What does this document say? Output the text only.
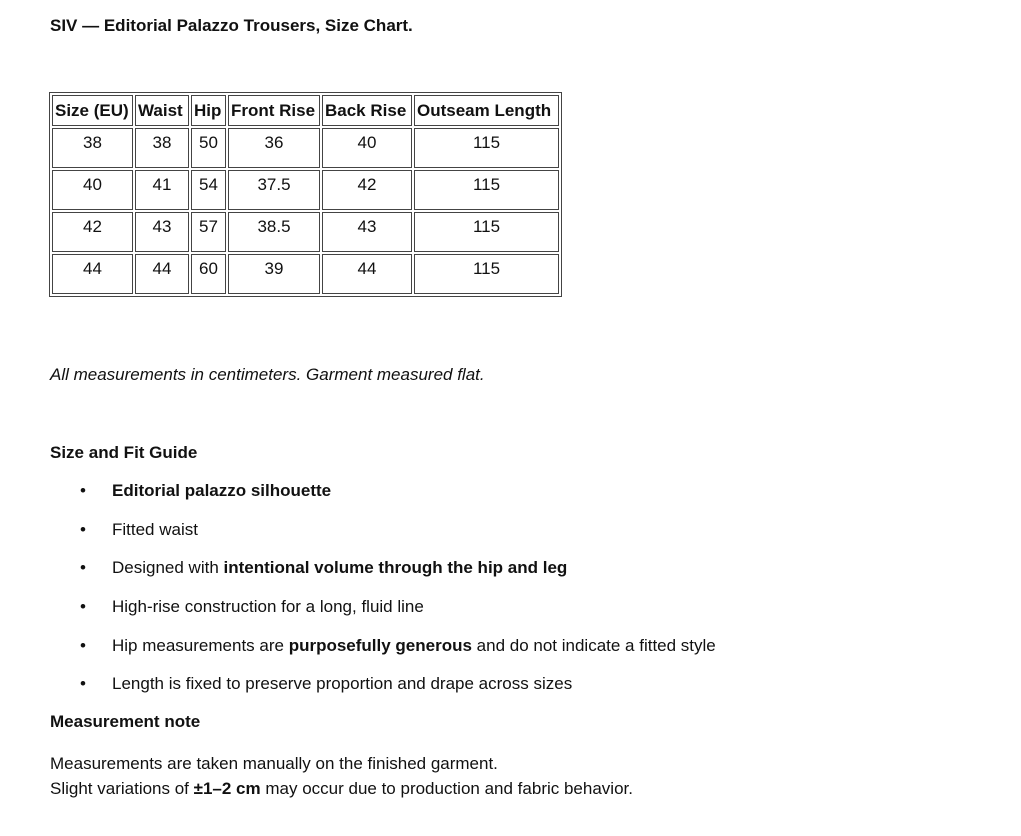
SIV — Editorial Palazzo Trousers, Size Chart.
Size (EU)	Waist	Hip	Front Rise	Back Rise	Outseam Length
38	38	50	36	40	115
40	41	54	37.5	42	115
42	43	57	38.5	43	115
44	44	60	39	44	115

All measurements in centimeters. Garment measured flat.

Size and Fit Guide
• Editorial palazzo silhouette
• Fitted waist
• Designed with intentional volume through the hip and leg
• High-rise construction for a long, fluid line
• Hip measurements are purposefully generous and do not indicate a fitted style
• Length is fixed to preserve proportion and drape across sizes
Measurement note
Measurements are taken manually on the finished garment.
Slight variations of ±1–2 cm may occur due to production and fabric behavior.
